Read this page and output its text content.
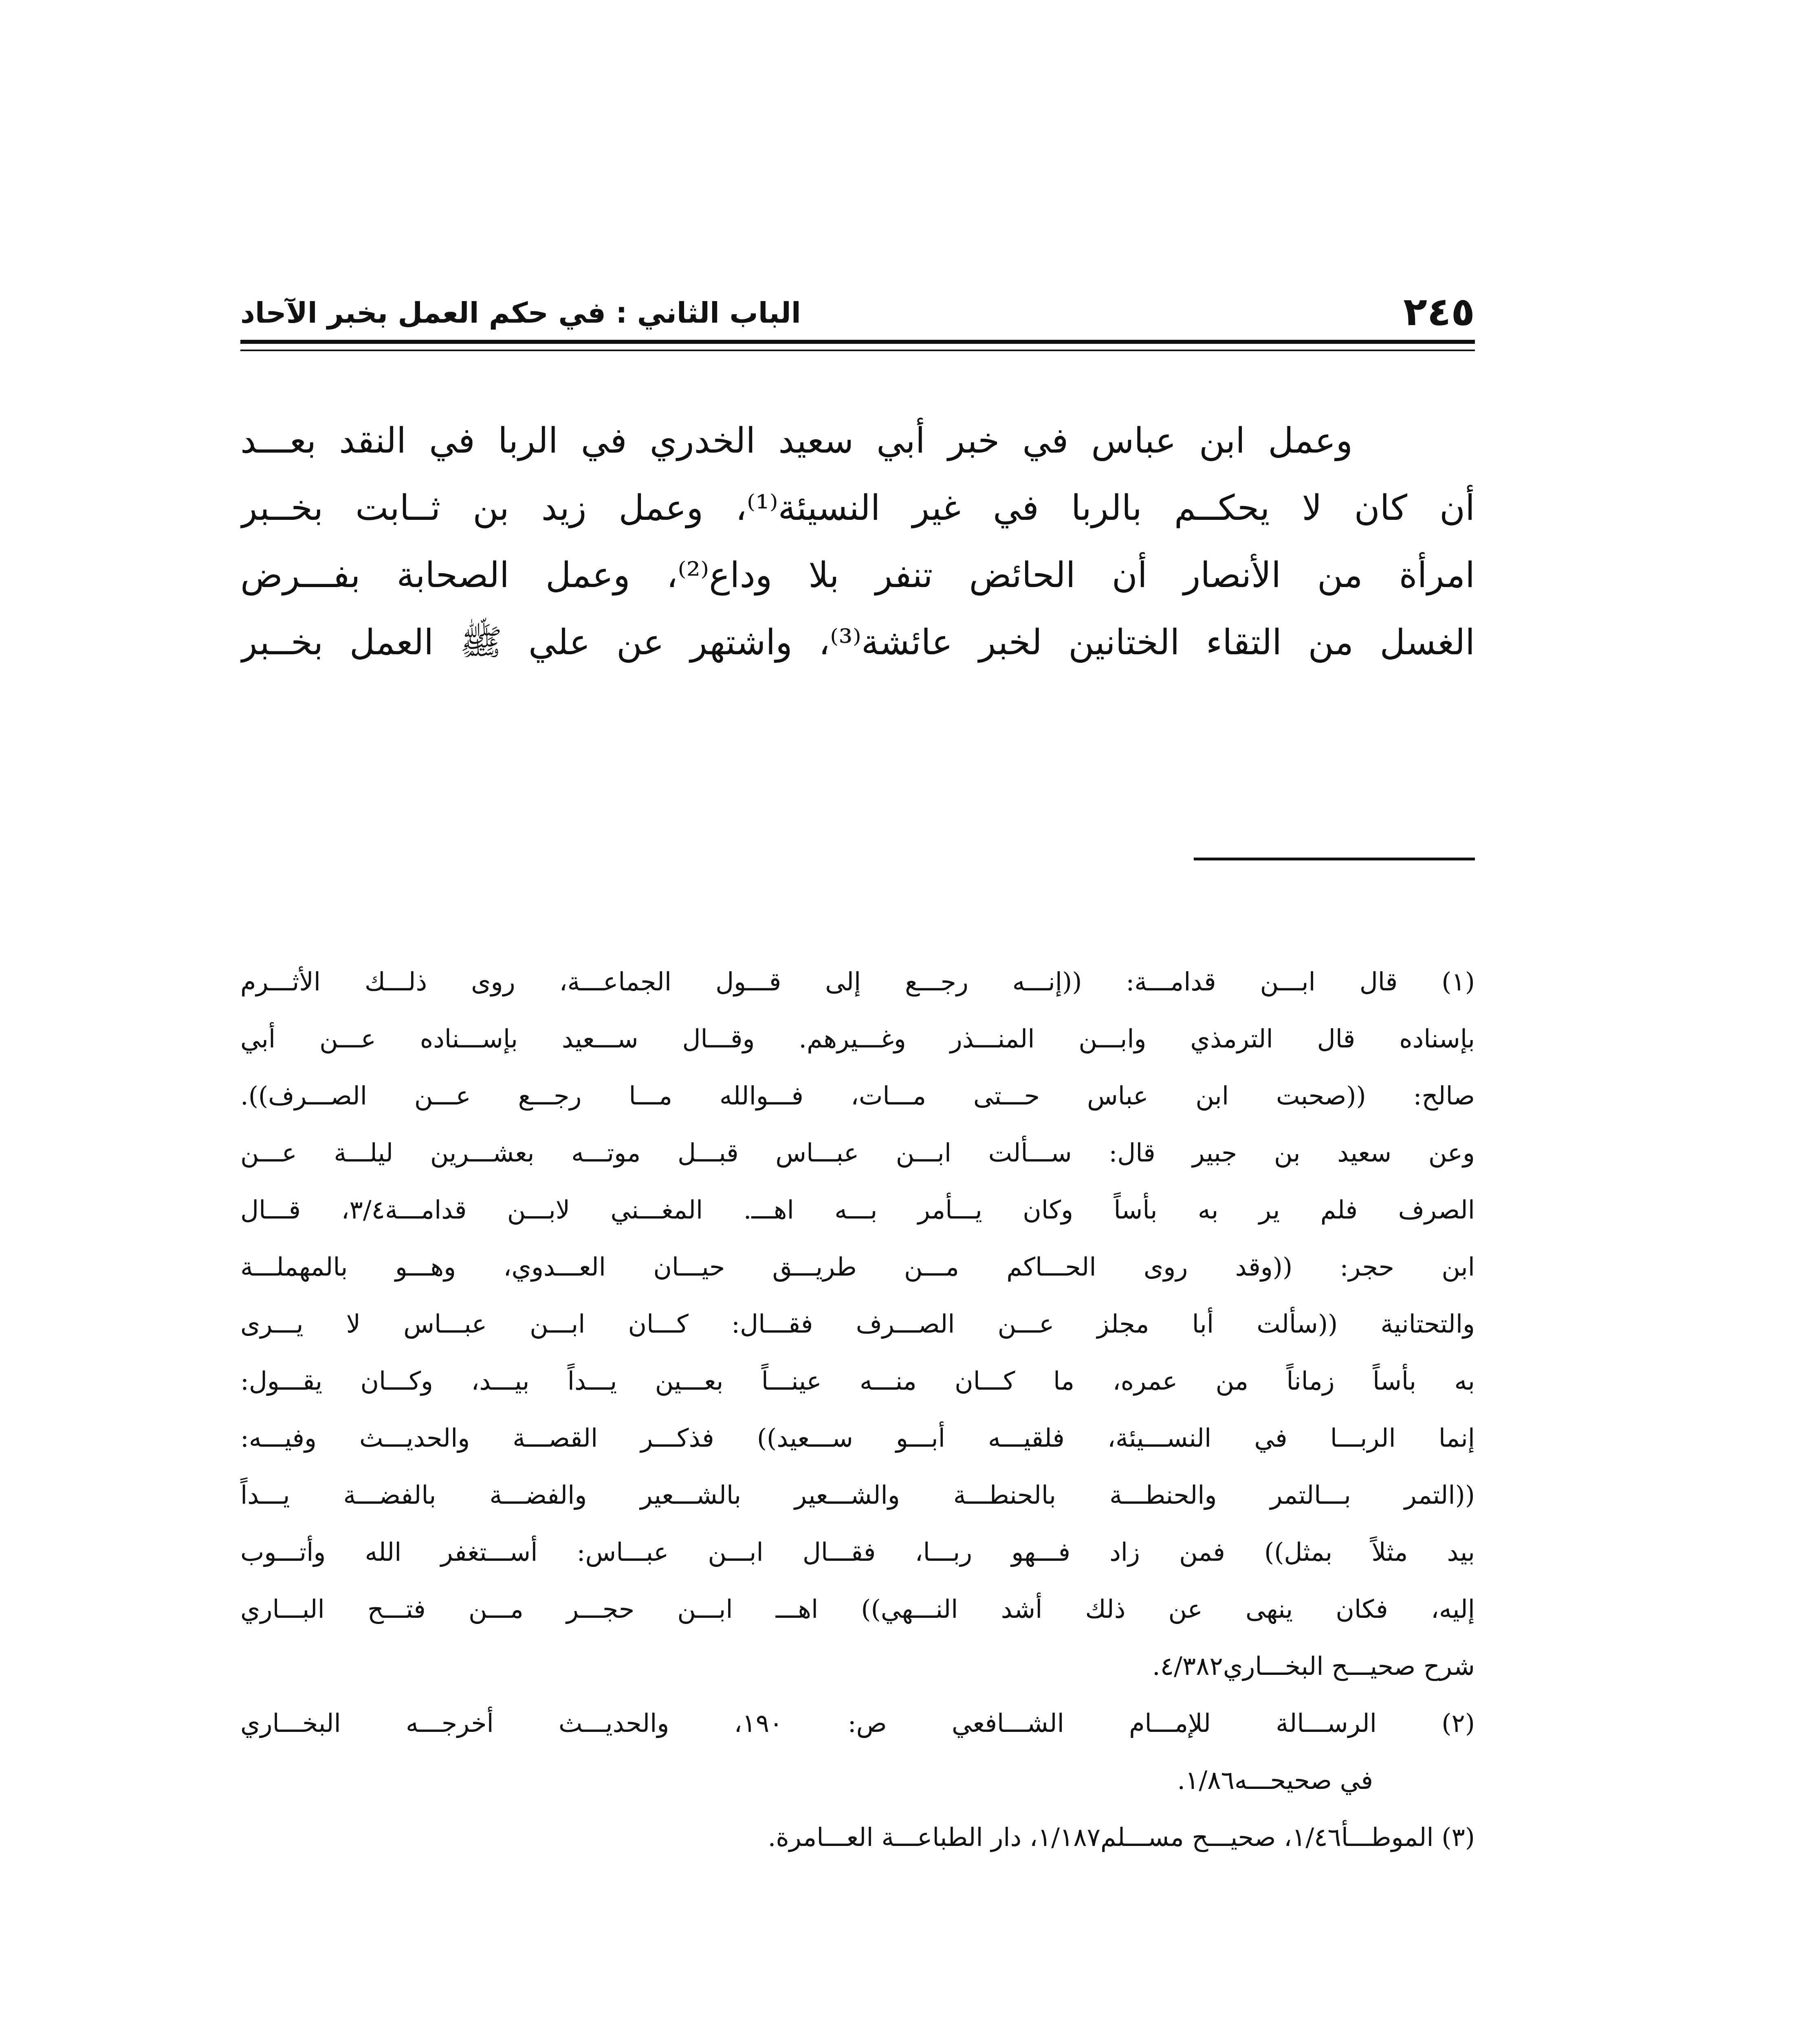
٢٤٥
الباب الثاني : في حكم العمل بخبر الآحاد
وعمل ابن عباس في خبر أبي سعيد الخدري في الربا في النقد بعـــد
أن كان لا يحكــم بالربا في غير النسيئة⁽¹⁾، وعمل زيد بن ثــابت بخــبر
امرأة من الأنصار أن الحائض تنفر بلا وداع⁽²⁾، وعمل الصحابة بفـــرض
الغسل من التقاء الختانين لخبر عائشة⁽³⁾، واشتهر عن علي ﷺ العمل بخــبر
(١) قال ابـــن قدامـــة: ((إنـــه رجـــع إلى قـــول الجماعـــة، روى ذلـــك الأثـــرم
بإسناده قال الترمذي وابـــن المنـــذر وغـــيرهم. وقـــال ســـعيد بإســـناده عـــن أبي
صالح: ((صحبت ابن عباس حـــتى مـــات، فـــوالله مـــا رجـــع عـــن الصـــرف)).
وعن سعيد بن جبير قال: ســـألت ابـــن عبـــاس قبـــل موتـــه بعشـــرين ليلـــة عـــن
الصرف فلم ير به بأساً وكان يـــأمر بـــه اهـــ. المغـــني لابـــن قدامـــة٣/٤، قـــال
ابن حجر: ((وقد روى الحـــاكم مـــن طريـــق حيـــان العـــدوي، وهـــو بالمهملـــة
والتحتانية ((سألت أبا مجلز عـــن الصـــرف فقـــال: كـــان ابـــن عبـــاس لا يـــرى
به بأساً زماناً من عمره، ما كـــان منـــه عينـــاً بعـــين يـــداً بيـــد، وكـــان يقـــول:
إنما الربـــا في النســـيئة، فلقيـــه أبـــو ســـعيد)) فذكـــر القصـــة والحديـــث وفيـــه:
((التمر بـــالتمر والحنطـــة بالحنطـــة والشـــعير بالشـــعير والفضـــة بالفضـــة يـــداً
بيد مثلاً بمثل)) فمن زاد فـــهو ربـــا، فقـــال ابـــن عبـــاس: أســـتغفر الله وأتـــوب
إليه، فكان ينهى عن ذلك أشد النـــهي)) اهـــ ابـــن حجـــر مـــن فتـــح البـــاري
شرح صحيـــح البخـــاري٤/٣٨٢.
(٢) الرســـالة للإمـــام الشـــافعي ص: ١٩٠، والحديـــث أخرجـــه البخـــاري
في صحيحـــه١/٨٦.
(٣) الموطـــأ١/٤٦، صحيـــح مســـلم١/١٨٧، دار الطباعـــة العـــامرة.
